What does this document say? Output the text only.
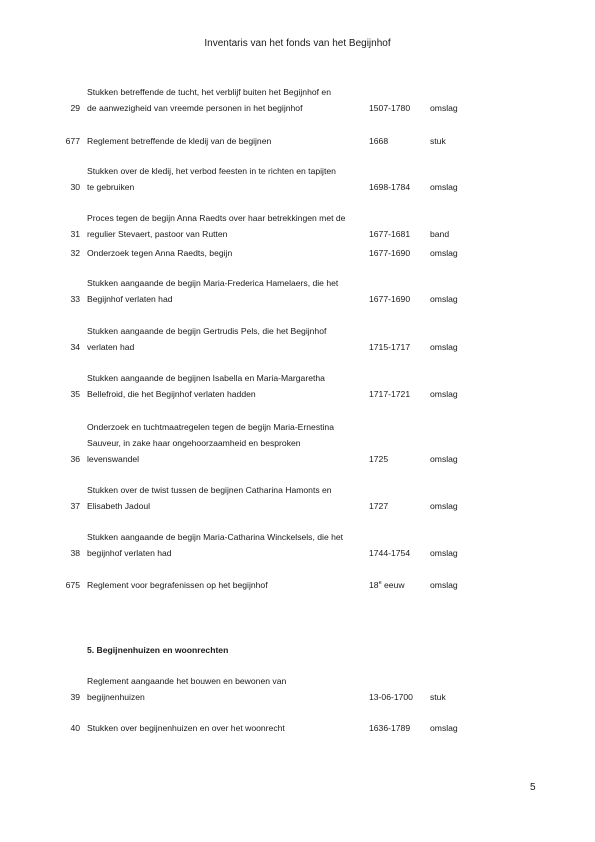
Inventaris van het fonds van het Begijnhof
Stukken betreffende de tucht, het verblijf buiten het Begijnhof en
de aanwezigheid van vreemde personen in het begijnhof
29	1507-1780 omslag
Reglement betreffende de kledij van de begijnen
677	1668	stuk
Stukken over de kledij, het verbod feesten in te richten en tapijten
te gebruiken
30	1698-1784 omslag
Proces tegen de begijn Anna Raedts over haar betrekkingen met de
regulier Stevaert, pastoor van Rutten
31	1677-1681 band
Onderzoek tegen Anna Raedts, begijn
32	1677-1690 omslag
Stukken aangaande de begijn Maria-Frederica Hamelaers, die het
Begijnhof verlaten had
33	1677-1690 omslag
Stukken aangaande de begijn Gertrudis Pels, die het Begijnhof
verlaten had
34	1715-1717 omslag
Stukken aangaande de begijnen Isabella en Maria-Margaretha
Bellefroid, die het Begijnhof verlaten hadden
35	1717-1721 omslag
Onderzoek en tuchtmaatregelen tegen de begijn Maria-Ernestina
Sauveur, in zake haar ongehoorzaamheid en besproken
levenswandel
36	1725	omslag
Stukken over de twist tussen de begijnen Catharina Hamonts en
Elisabeth Jadoul
37	1727	omslag
Stukken aangaande de begijn Maria-Catharina Winckelsels, die het
begijnhof verlaten had
38	1744-1754 omslag
Reglement voor begrafenissen op het begijnhof
675	18e eeuw	omslag
Reglement aangaande het bouwen en bewonen van
begijnenhuizen
39	13-06-1700 stuk
Stukken over begijnenhuizen en over het woonrecht
40	1636-1789 omslag
5. Begijnenhuizen en woonrechten
5
